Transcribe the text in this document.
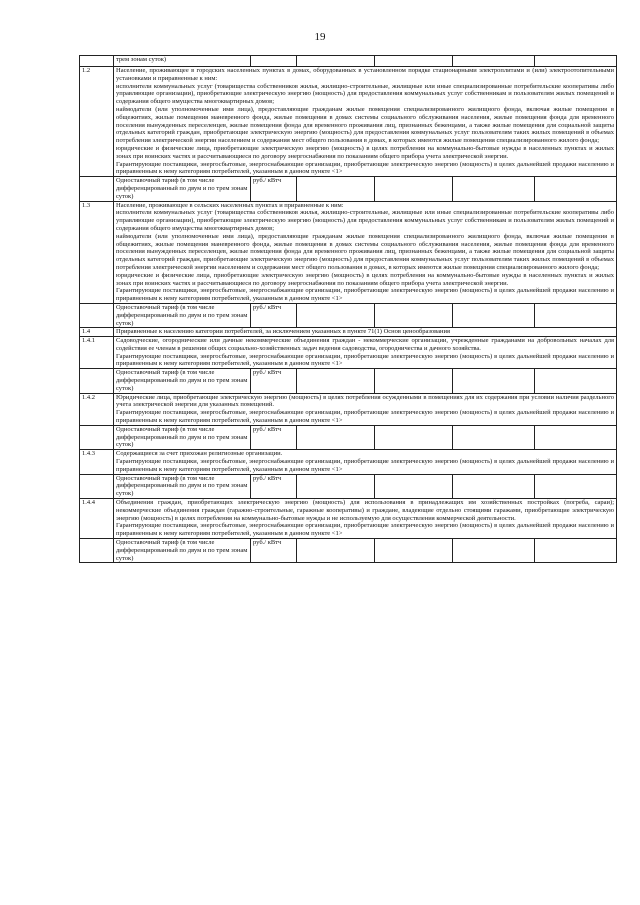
19
	трем зонам суток)					
1.2	Население, проживающее в городских населенных пунктах в домах, оборудованных в установленном порядке стационарными электроплитами и (или) электроотопительными установками и приравненные к ним:
исполнители коммунальных услуг (товарищества собственников жилья, жилищно-строительные, жилищные или иные специализированные потребительские кооперативы либо управляющие организации), приобретающие электрическую энергию (мощность) для предоставления коммунальных услуг собственникам и пользователям жилых помещений и содержания общего имущества многоквартирных домов;
наймодатели (или уполномоченные ими лица), предоставляющие гражданам жилые помещения специализированного жилищного фонда, включая жилые помещения в общежитиях, жилые помещения маневренного фонда, жилые помещения в домах системы социального обслуживания населения, жилые помещения фонда для временного поселения вынужденных переселенцев, жилые помещения фонда для временного проживания лиц, признанных беженцами, а также жилые помещения для социальной защиты отдельных категорий граждан, приобретающие электрическую энергию (мощность) для предоставления коммунальных услуг пользователям таких жилых помещений в объемах потребления электрической энергии населением и содержания мест общего пользования в домах, в которых имеются жилые помещения специализированного жилого фонда;
юридические и физические лица, приобретающие электрическую энергию (мощность) в целях потребления на коммунально-бытовые нужды в населенных пунктах и жилых зонах при воинских частях и рассчитывающиеся по договору энергоснабжения по показаниям общего прибора учета электрической энергии.
Гарантирующие поставщики, энергосбытовые, энергоснабжающие организации, приобретающие электрическую энергию (мощность) в целях дальнейшей продажи населению и приравненным к нему категориям потребителей, указанным в данном пункте <1>					

	Одноставочный тариф (в том числе дифференцированный по двум и по трем зонам суток)	руб./ кВтч				
1.3	Население, проживающее в сельских населенных пунктах и приравненные к ним:
исполнители коммунальных услуг (товарищества собственников жилья, жилищно-строительные, жилищные или иные специализированные потребительские кооперативы либо управляющие организации), приобретающие электрическую энергию (мощность) для предоставления коммунальных услуг собственникам и пользователям жилых помещений и содержания общего имущества многоквартирных домов;
наймодатели (или уполномоченные ими лица), предоставляющие гражданам жилые помещения специализированного жилищного фонда, включая жилые помещения в общежитиях, жилые помещения маневренного фонда, жилые помещения в домах системы социального обслуживания населения, жилые помещения фонда для временного поселения вынужденных переселенцев, жилые помещения фонда для временного проживания лиц, признанных беженцами, а также жилые помещения для социальной защиты отдельных категорий граждан, приобретающие электрическую энергию (мощность) для предоставления коммунальных услуг пользователям таких жилых помещений в объемах потребления электрической энергии населением и содержания мест общего пользования в домах, в которых имеются жилые помещения специализированного жилого фонда;
юридические и физические лица, приобретающие электрическую энергию (мощность) в целях потребления на коммунально-бытовые нужды в населенных пунктах и жилых зонах при воинских частях и рассчитывающиеся по договору энергоснабжения по показаниям общего прибора учета электрической энергии.
Гарантирующие поставщики, энергосбытовые, энергоснабжающие организации, приобретающие электрическую энергию (мощность) в целях дальнейшей продажи населению и приравненным к нему категориям потребителей, указанным в данном пункте <1>					

	Одноставочный тариф (в том числе дифференцированный по двум и по трем зонам суток)	руб./ кВтч				
1.4	Приравненные к населению категории потребителей, за исключением указанных в пункте 71(1) Основ ценообразования					
1.4.1	Садоводческие, огороднические или дачные некоммерческие объединения граждан - некоммерческие организации, учрежденные гражданами на добровольных началах для содействия ее членам в решении общих социально-хозяйственных задач ведения садоводства, огородничества и дачного хозяйства.
Гарантирующие поставщики, энергосбытовые, энергоснабжающие организации, приобретающие электрическую энергию (мощность) в целях дальнейшей продажи населению и приравненным к нему категориям потребителей, указанным в данном пункте <1>					

	Одноставочный тариф (в том числе дифференцированный по двум и по трем зонам суток)	руб./ кВтч				
1.4.2	Юридические лица, приобретающие электрическую энергию (мощность) в целях потребления осужденными в помещениях для их содержания при условии наличия раздельного учета электрической энергии для указанных помещений.
Гарантирующие поставщики, энергосбытовые, энергоснабжающие организации, приобретающие электрическую энергию (мощность) в целях дальнейшей продажи населению и приравненным к нему категориям потребителей, указанным в данном пункте <1>					

	Одноставочный тариф (в том числе дифференцированный по двум и по трем зонам суток)	руб./ кВтч				
1.4.3	Содержащиеся за счет прихожан религиозные организации.
Гарантирующие поставщики, энергосбытовые, энергоснабжающие организации, приобретающие электрическую энергию (мощность) в целях дальнейшей продажи населению и приравненным к нему категориям потребителей, указанным в данном пункте <1>					

	Одноставочный тариф (в том числе дифференцированный по двум и по трем зонам суток)	руб./ кВтч				
1.4.4	Объединения граждан, приобретающих электрическую энергию (мощность) для использования в принадлежащих им хозяйственных постройках (погреба, сараи); некоммерческие объединения граждан (гаражно-строительные, гаражные кооперативы) и граждане, владеющие отдельно стоящими гаражами, приобретающие электрическую энергию (мощность) в целях потребления на коммунально-бытовые нужды и не используемую для осуществления коммерческой деятельности.
Гарантирующие поставщики, энергосбытовые, энергоснабжающие организации, приобретающие электрическую энергию (мощность) в целях дальнейшей продажи населению и приравненным к нему категориям потребителей, указанным в данном пункте <1>					

	Одноставочный тариф (в том числе дифференцированный по двум и по трем зонам суток)	руб./ кВтч				
